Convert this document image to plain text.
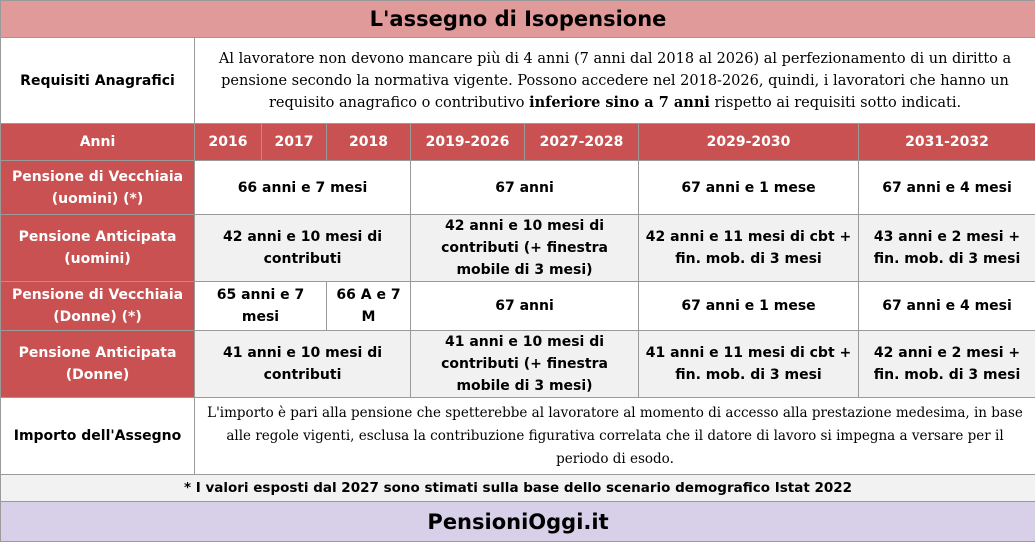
L'assegno di Isopensione							
Requisiti Anagrafici	Al lavoratore non devono mancare più di 4 anni (7 anni dal 2018 al 2026) al perfezionamento di un diritto a pensione secondo la normativa vigente. Possono accedere nel 2018-2026, quindi, i lavoratori che hanno un requisito anagrafico o contributivo inferiore sino a 7 anni rispetto ai requisiti sotto indicati.						
Anni	2016	2017	2018	2019-2026	2027-2028	2029-2030	2031-2032
Pensione di Vecchiaia (uomini) (*)	66 anni e 7 mesi			67 anni		67 anni e 1 mese	67 anni e 4 mesi
Pensione Anticipata (uomini)	42 anni e 10 mesi di contributi			42 anni e 10 mesi di contributi (+ finestra mobile di 3 mesi)		42 anni e 11 mesi di cbt + fin. mob. di 3 mesi	43 anni e 2 mesi + fin. mob. di 3 mesi
Pensione di Vecchiaia (Donne) (*)	65 anni e 7 mesi		66 A e 7 M	67 anni		67 anni e 1 mese	67 anni e 4 mesi
Pensione Anticipata (Donne)	41 anni e 10 mesi di contributi			41 anni e 10 mesi di contributi (+ finestra mobile di 3 mesi)		41 anni e 11 mesi di cbt + fin. mob. di 3 mesi	42 anni e 2 mesi + fin. mob. di 3 mesi
Importo dell'Assegno	L'importo è pari alla pensione che spetterebbe al lavoratore al momento di accesso alla prestazione medesima, in base alle regole vigenti, esclusa la contribuzione figurativa correlata che il datore di lavoro si impegna a versare per il periodo di esodo.						
* I valori esposti dal 2027 sono stimati sulla base dello scenario demografico Istat 2022							
PensioniOggi.it							
